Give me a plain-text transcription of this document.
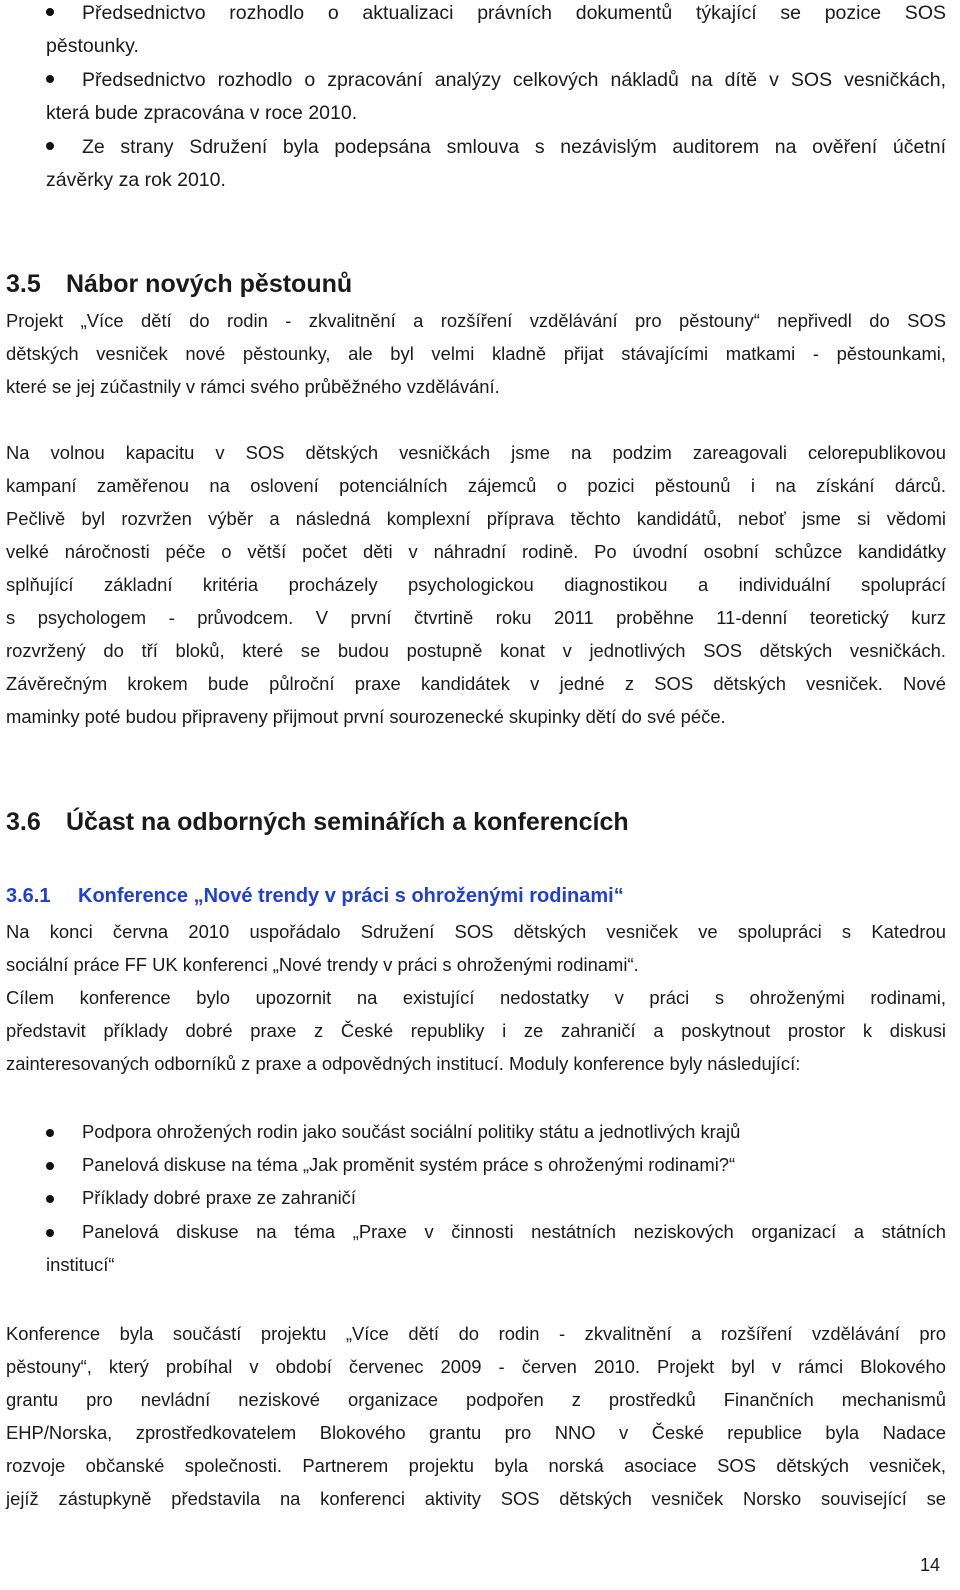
Předsednictvo rozhodlo o aktualizaci právních dokumentů týkající se pozice SOS
pěstounky.
Předsednictvo rozhodlo o zpracování analýzy celkových nákladů na dítě v SOS vesničkách,
která bude zpracována v roce 2010.
Ze strany Sdružení byla podepsána smlouva s nezávislým auditorem na ověření účetní
závěrky za rok 2010.
3.5 Nábor nových pěstounů
Projekt „Více dětí do rodin - zkvalitnění a rozšíření vzdělávání pro pěstouny“ nepřivedl do SOS
dětských vesniček nové pěstounky, ale byl velmi kladně přijat stávajícími matkami - pěstounkami,
které se jej zúčastnily v rámci svého průběžného vzdělávání.
Na volnou kapacitu v SOS dětských vesničkách jsme na podzim zareagovali celorepublikovou
kampaní zaměřenou na oslovení potenciálních zájemců o pozici pěstounů i na získání dárců.
Pečlivě byl rozvržen výběr a následná komplexní příprava těchto kandidátů, neboť jsme si vědomi
velké náročnosti péče o větší počet děti v náhradní rodině. Po úvodní osobní schůzce kandidátky
splňující základní kritéria procházely psychologickou diagnostikou a individuální spoluprácí
s psychologem - průvodcem. V první čtvrtině roku 2011 proběhne 11-denní teoretický kurz
rozvržený do tří bloků, které se budou postupně konat v jednotlivých SOS dětských vesničkách.
Závěrečným krokem bude půlroční praxe kandidátek v jedné z SOS dětských vesniček. Nové
maminky poté budou připraveny přijmout první sourozenecké skupinky dětí do své péče.
3.6 Účast na odborných seminářích a konferencích
3.6.1 Konference „Nové trendy v práci s ohroženými rodinami“
Na konci června 2010 uspořádalo Sdružení SOS dětských vesniček ve spolupráci s Katedrou
sociální práce FF UK konferenci „Nové trendy v práci s ohroženými rodinami“.
Cílem konference bylo upozornit na existující nedostatky v práci s ohroženými rodinami,
představit příklady dobré praxe z České republiky i ze zahraničí a poskytnout prostor k diskusi
zainteresovaných odborníků z praxe a odpovědných institucí. Moduly konference byly následující:
Podpora ohrožených rodin jako součást sociální politiky státu a jednotlivých krajů
Panelová diskuse na téma „Jak proměnit systém práce s ohroženými rodinami?“
Příklady dobré praxe ze zahraničí
Panelová diskuse na téma „Praxe v činnosti nestátních neziskových organizací a státních
institucí“
Konference byla součástí projektu „Více dětí do rodin - zkvalitnění a rozšíření vzdělávání pro
pěstouny“, který probíhal v období červenec 2009 - červen 2010. Projekt byl v rámci Blokového
grantu pro nevládní neziskové organizace podpořen z prostředků Finančních mechanismů
EHP/Norska, zprostředkovatelem Blokového grantu pro NNO v České republice byla Nadace
rozvoje občanské společnosti. Partnerem projektu byla norská asociace SOS dětských vesniček,
jejíž zástupkyně představila na konferenci aktivity SOS dětských vesniček Norsko související se
14
